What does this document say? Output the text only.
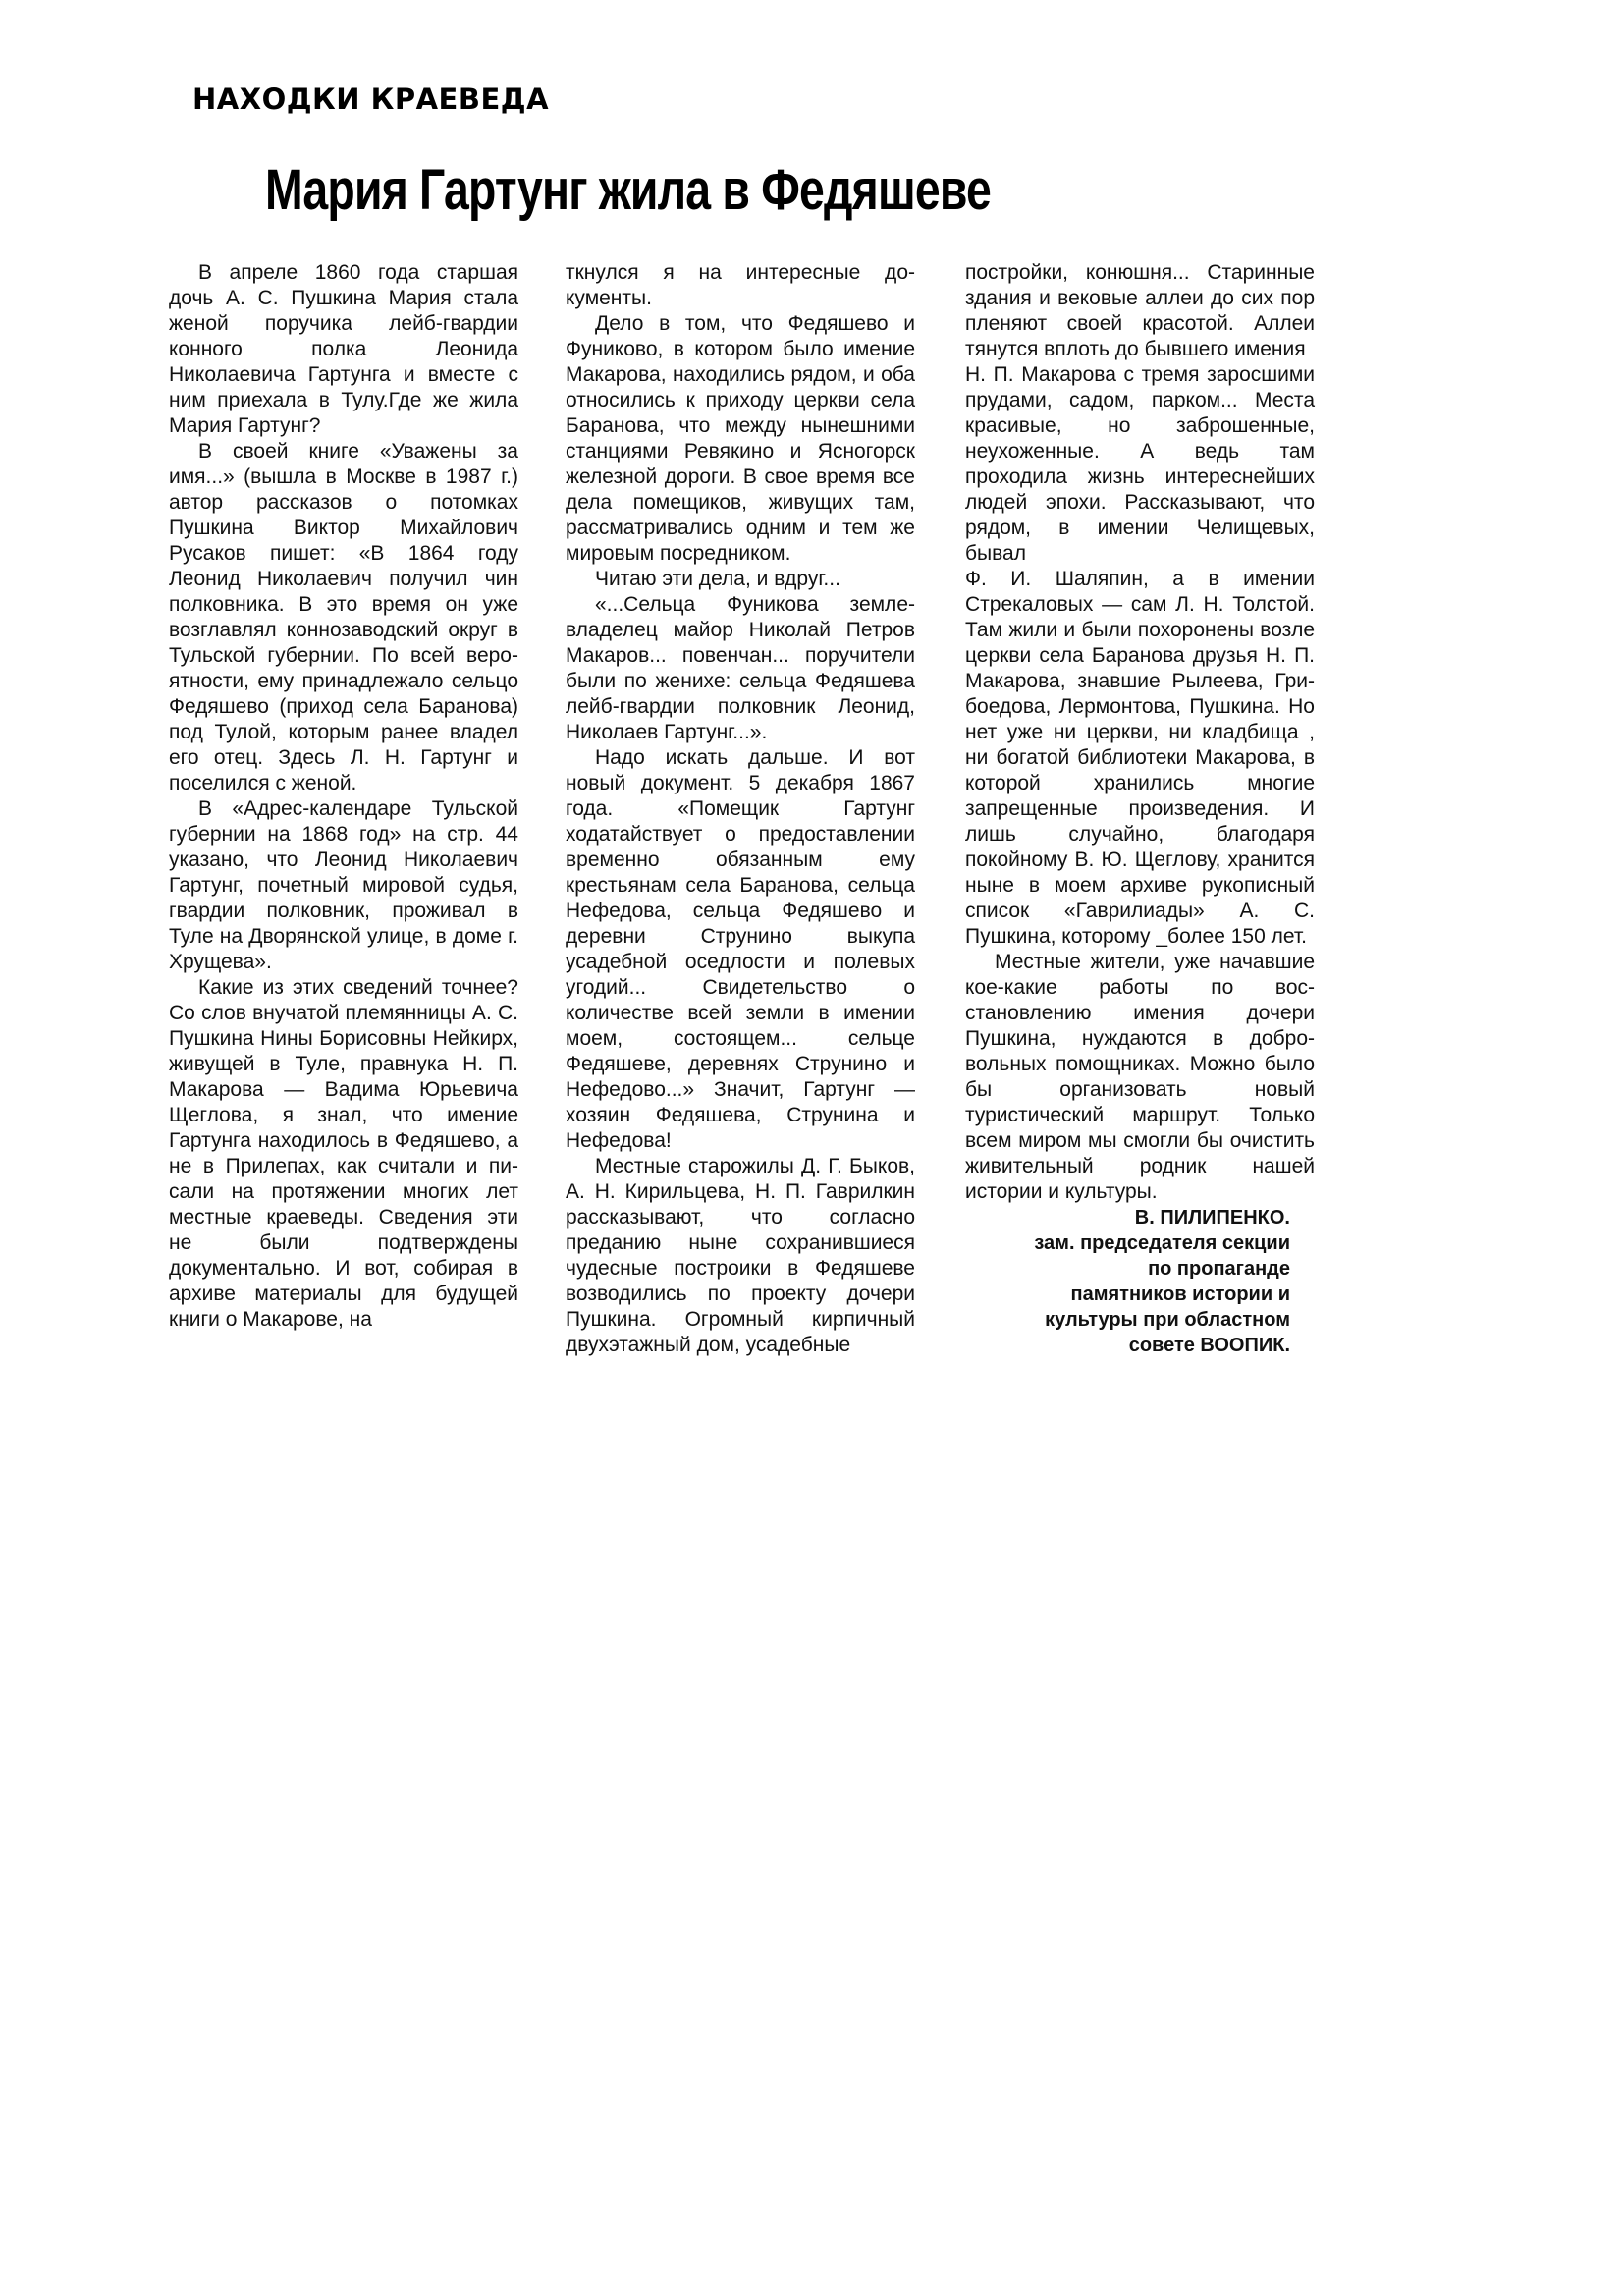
НАХОДКИ КРАЕВЕДА
Мария Гартунг жила в Федяшеве

В апреле 1860 года старшая дочь А. С. Пушкина Мария стала женой поручика лейб-гвардии конного полка Леонида Николаевича Гартунга и вместе с ним приехала в Тулу.Где же жила Мария Гартунг?

В своей книге «Уважены за имя...» (вышла в Москве в 1987 г.) автор рассказов о потомках Пушкина Виктор Михайлович Русаков пишет: «В 1864 году Леонид Николаевич получил чин полковника. В это время он уже возглавлял коннозаводский округ в Тульской губернии. По всей вероятности, ему принадлежало сельцо Федяшево (приход села Баранова) под Тулой, которым ранее владел его отец. Здесь Л. Н. Гартунг и поселился с женой.

В «Адрес-календаре Тульской губернии на 1868 год» на стр. 44 указано, что Леонид Николаевич Гартунг, почетный мировой судья, гвардии полковник, проживал в Туле на Дворянской улице, в доме г. Хрущева».

Какие из этих сведений точнее? Со слов внучатой племянницы А. С. Пушкина Нины Борисовны Нейкирх, живущей в Туле, правнука Н. П. Макарова — Вадима Юрьевича Щеглова, я знал, что имение Гартунга находилось в Федяшево, а не в Прилепах, как считали и писали на протяжении многих лет местные краеведы. Сведения эти не были подтверждены документально. И вот, собирая в архиве материалы для будущей книги о Макарове, на

ткнулся я на интересные документы.

Дело в том, что Федяшево и Фуниково, в котором было имение Макарова, находились рядом, и оба относились к приходу церкви села Баранова, что между нынешними станциями Ревякино и Ясногорск железной дороги. В свое время все дела помещиков, живущих там, рассматривались одним и тем же мировым посредником.

Читаю эти дела, и вдруг...

«...Сельца Фуникова землевладелец майор Николай Петров Макаров... повенчан... поручители были по женихе: сельца Федяшева лейб-гвардии полковник Леонид, Николаев Гартунг...».

Надо искать дальше. И вот новый документ. 5 декабря 1867 года. «Помещик Гартунг ходатайствует о предоставлении временно обязанным ему крестьянам села Баранова, сельца Нефедова, сельца Федяшево и деревни Струнино выкупа усадебной оседлости и полевых угодий... Свидетельство о количестве всей земли в имении моем, состоящем... сельце Федяшеве, деревнях Струнино и Нефедово...» Значит, Гартунг — хозяин Федяшева, Струнина и Нефедова!

Местные старожилы Д. Г. Быков, А. Н. Кирильцева, Н. П. Гаврилкин рассказывают, что согласно преданию ныне сохранившиеся чудесные построики в Федяшеве возводились по проекту дочери Пушкина. Огромный кирпичный двухэтажный дом, усадебные

постройки, конюшня... Старинные здания и вековые аллеи до сих пор пленяют своей красотой. Аллеи тянутся вплоть до бывшего имения

Н. П. Макарова с тремя заросшими прудами, садом, парком... Места красивые, но заброшенные, неухоженные. А ведь там проходила жизнь интереснейших людей эпохи. Рассказывают, что рядом, в имении Челищевых, бывал

Ф. И. Шаляпин, а в имении Стрекаловых — сам Л. Н. Толстой. Там жили и были похоронены возле церкви села Баранова друзья Н. П. Макарова, знавшие Рылеева, Грибоедова, Лермонтова, Пушкина. Но нет уже ни церкви, ни кладбища , ни богатой библиотеки Макарова, в которой хранились многие запрещенные произведения. И лишь случайно, благодаря покойному В. Ю. Щеглову, хранится ныне в моем архиве рукописный список «Гаврилиады» А. С. Пушкина, которому _более 150 лет.

Местные жители, уже начавшие кое-какие работы по восстановлению имения дочери Пушкина, нуждаются в добровольных помощниках. Можно было бы организовать новый туристический маршрут. Только всем миром мы смогли бы очистить живительный родник нашей истории и культуры.

В. ПИЛИПЕНКО.
зам. председателя секции
по пропаганде
памятников истории и
культуры при областном
совете ВООПИК.
